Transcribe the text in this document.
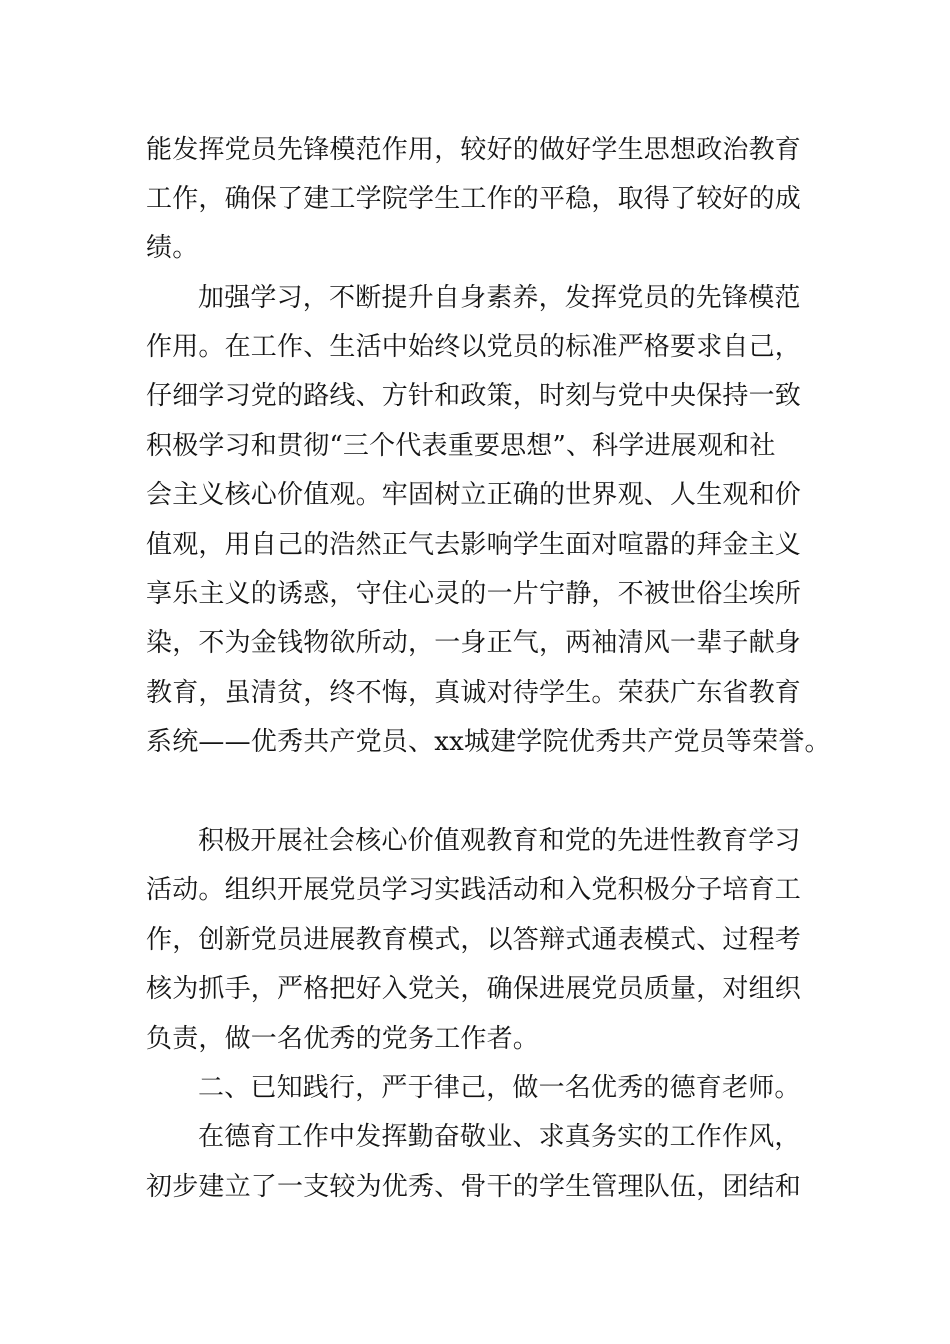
能发挥党员先锋模范作用，较好的做好学生思想政治教育
工作，确保了建工学院学生工作的平稳，取得了较好的成
绩。
加强学习，不断提升自身素养，发挥党员的先锋模范
作用。在工作、生活中始终以党员的标准严格要求自己，
仔细学习党的路线、方针和政策，时刻与党中央保持一致
积极学习和贯彻“三个代表重要思想”、科学进展观和社
会主义核心价值观。牢固树立正确的世界观、人生观和价
值观，用自己的浩然正气去影响学生面对喧嚣的拜金主义
享乐主义的诱惑，守住心灵的一片宁静，不被世俗尘埃所
染，不为金钱物欲所动，一身正气，两袖清风一辈子献身
教育，虽清贫，终不悔，真诚对待学生。荣获广东省教育
系统——优秀共产党员、xx城建学院优秀共产党员等荣誉。
积极开展社会核心价值观教育和党的先进性教育学习
活动。组织开展党员学习实践活动和入党积极分子培育工
作，创新党员进展教育模式，以答辩式通表模式、过程考
核为抓手，严格把好入党关，确保进展党员质量，对组织
负责，做一名优秀的党务工作者。
二、已知践行，严于律己，做一名优秀的德育老师。
在德育工作中发挥勤奋敬业、求真务实的工作作风，
初步建立了一支较为优秀、骨干的学生管理队伍，团结和
